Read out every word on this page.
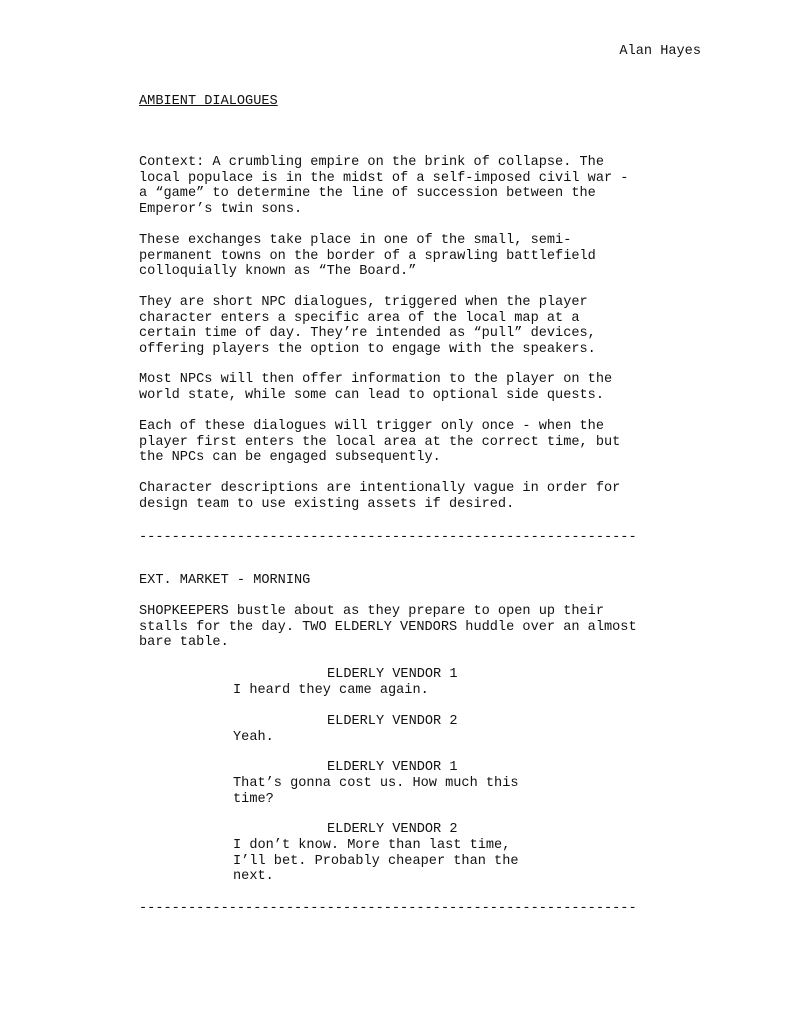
Alan Hayes
AMBIENT DIALOGUES

Context: A crumbling empire on the brink of collapse. The
local populace is in the midst of a self-imposed civil war -
a “game” to determine the line of succession between the
Emperor’s twin sons.

These exchanges take place in one of the small, semi-
permanent towns on the border of a sprawling battlefield
colloquially known as “The Board.”

They are short NPC dialogues, triggered when the player
character enters a specific area of the local map at a
certain time of day. They’re intended as “pull” devices,
offering players the option to engage with the speakers.

Most NPCs will then offer information to the player on the
world state, while some can lead to optional side quests.

Each of these dialogues will trigger only once - when the
player first enters the local area at the correct time, but
the NPCs can be engaged subsequently.

Character descriptions are intentionally vague in order for
design team to use existing assets if desired.

-------------------------------------------------------------
EXT. MARKET - MORNING

SHOPKEEPERS bustle about as they prepare to open up their
stalls for the day. TWO ELDERLY VENDORS huddle over an almost
bare table.

ELDERLY VENDOR 1

I heard they came again.

ELDERLY VENDOR 2

Yeah.

ELDERLY VENDOR 1

That’s gonna cost us. How much this
time?

ELDERLY VENDOR 2

I don’t know. More than last time,
I’ll bet. Probably cheaper than the
next.

-------------------------------------------------------------
